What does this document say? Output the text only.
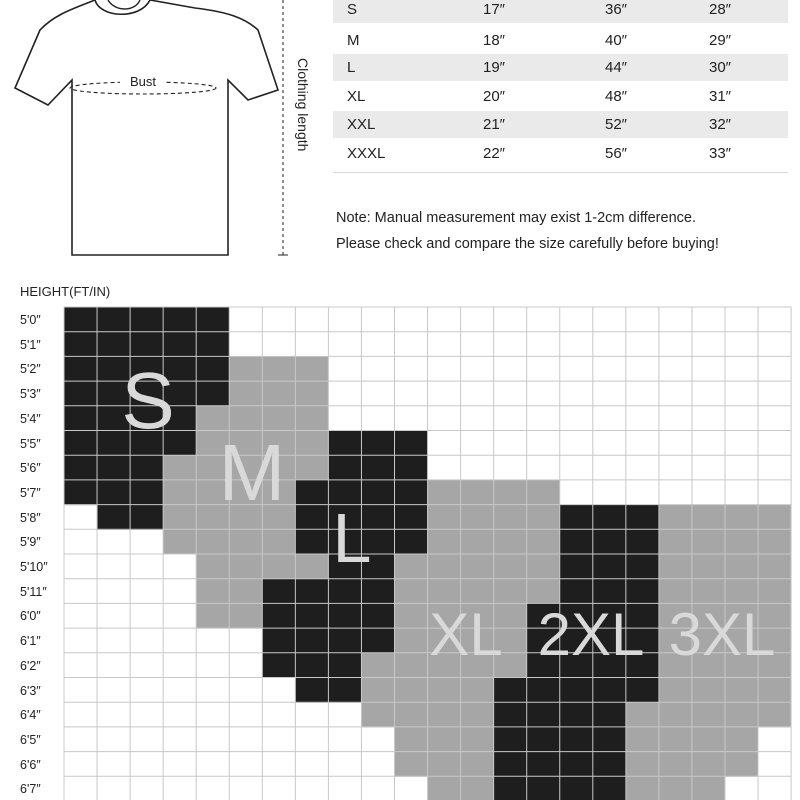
Bust	Clothing length
S	17″	36″	28″
M	18″	40″	29″
L	19″	44″	30″
XL	20″	48″	31″
XXL	21″	52″	32″
XXXL	22″	56″	33″
Note: Manual measurement may exist 1-2cm difference.
Please check and compare the size carefully before buying!
HEIGHT(FT/IN)
5'0″
5'1″
5'2″
5'3″
5'4″
5'5″
5'6″
5'7″
5'8″
5'9″
5'10″
5'11″
6'0″
6'1″
6'2″
6'3″
6'4″
6'5″
6'6″
6'7″
S
M
L
XL 2XL 3XL
